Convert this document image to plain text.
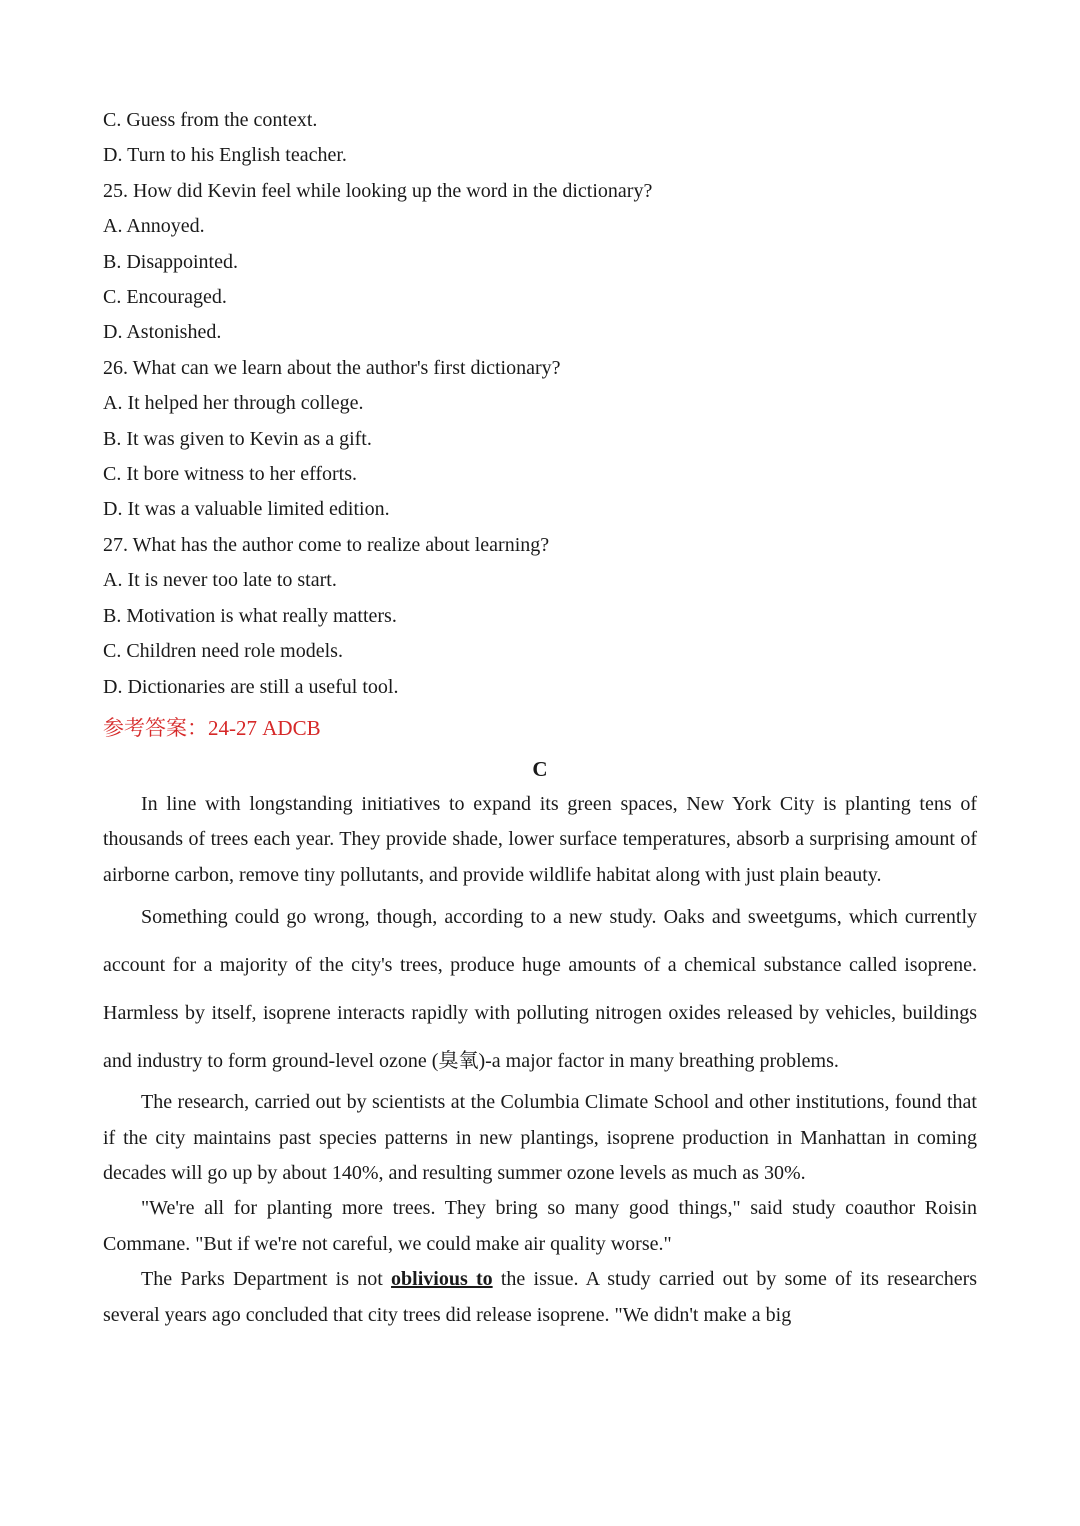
C. Guess from the context.
D. Turn to his English teacher.
25. How did Kevin feel while looking up the word in the dictionary?
A. Annoyed.
B. Disappointed.
C. Encouraged.
D. Astonished.
26. What can we learn about the author's first dictionary?
A. It helped her through college.
B. It was given to Kevin as a gift.
C. It bore witness to her efforts.
D. It was a valuable limited edition.
27. What has the author come to realize about learning?
A. It is never too late to start.
B. Motivation is what really matters.
C. Children need role models.
D. Dictionaries are still a useful tool.
参考答案：24-27 ADCB
C

In line with longstanding initiatives to expand its green spaces, New York City is planting tens of thousands of trees each year. They provide shade, lower surface temperatures, absorb a surprising amount of airborne carbon, remove tiny pollutants, and provide wildlife habitat along with just plain beauty.

Something could go wrong, though, according to a new study. Oaks and sweetgums, which currently account for a majority of the city's trees, produce huge amounts of a chemical substance called isoprene. Harmless by itself, isoprene interacts rapidly with polluting nitrogen oxides released by vehicles, buildings and industry to form ground-level ozone (臭氧)-a major factor in many breathing problems.

The research, carried out by scientists at the Columbia Climate School and other institutions, found that if the city maintains past species patterns in new plantings, isoprene production in Manhattan in coming decades will go up by about 140%, and resulting summer ozone levels as much as 30%.

"We're all for planting more trees. They bring so many good things," said study coauthor Roisin Commane. "But if we're not careful, we could make air quality worse."

The Parks Department is not oblivious to the issue. A study carried out by some of its researchers several years ago concluded that city trees did release isoprene. "We didn't make a big
